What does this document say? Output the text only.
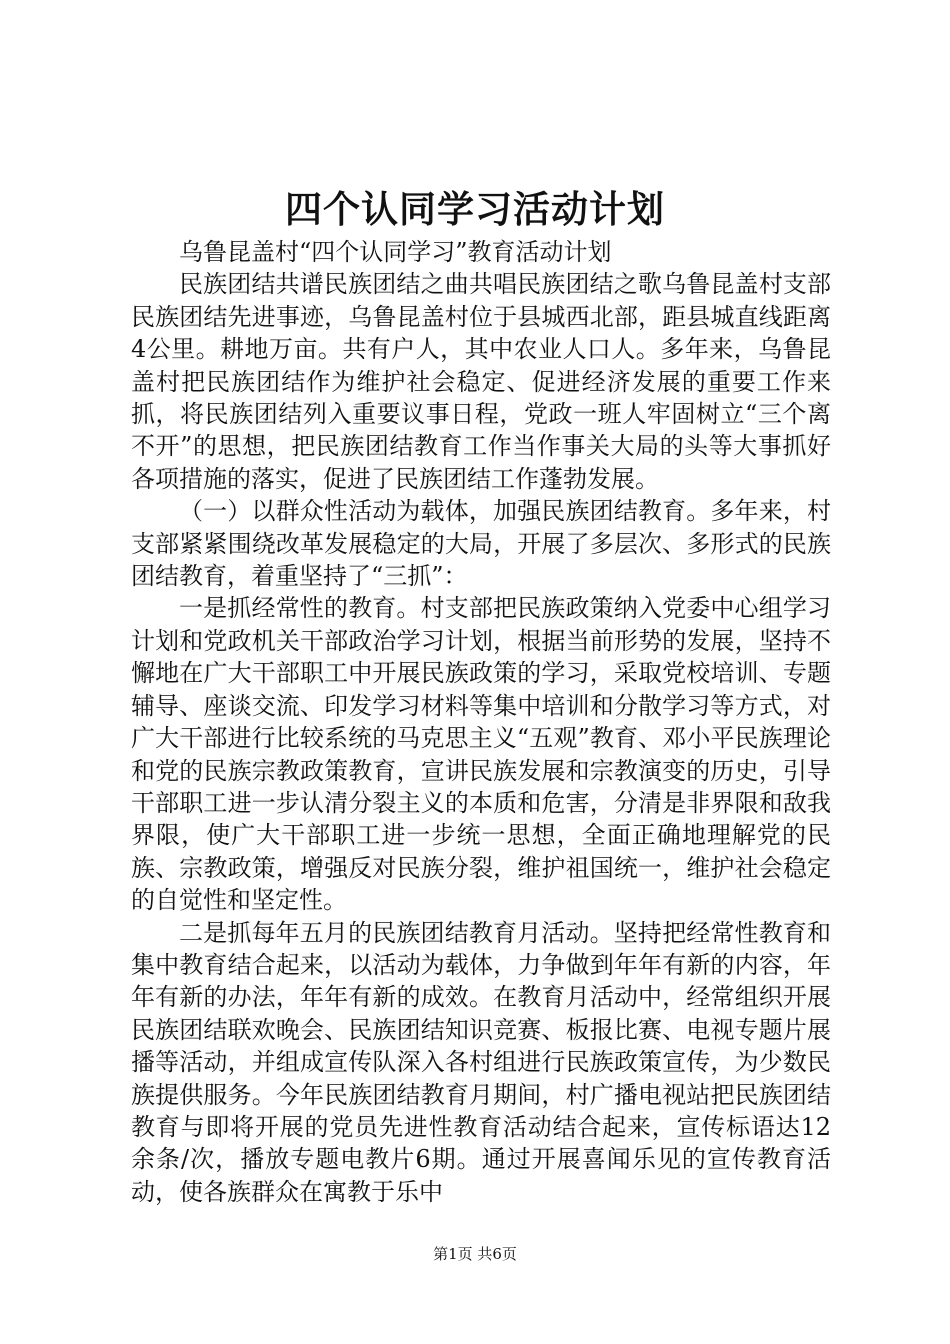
四个认同学习活动计划

乌鲁昆盖村“四个认同学习”教育活动计划

民族团结共谱民族团结之曲共唱民族团结之歌乌鲁昆盖村支部民族团结先进事迹，乌鲁昆盖村位于县城西北部，距县城直线距离4公里。耕地万亩。共有户人，其中农业人口人。多年来，乌鲁昆盖村把民族团结作为维护社会稳定、促进经济发展的重要工作来抓，将民族团结列入重要议事日程，党政一班人牢固树立“三个离不开”的思想，把民族团结教育工作当作事关大局的头等大事抓好各项措施的落实，促进了民族团结工作蓬勃发展。

（一）以群众性活动为载体，加强民族团结教育。多年来，村支部紧紧围绕改革发展稳定的大局，开展了多层次、多形式的民族团结教育，着重坚持了“三抓”：

一是抓经常性的教育。村支部把民族政策纳入党委中心组学习计划和党政机关干部政治学习计划，根据当前形势的发展，坚持不懈地在广大干部职工中开展民族政策的学习，采取党校培训、专题辅导、座谈交流、印发学习材料等集中培训和分散学习等方式，对广大干部进行比较系统的马克思主义“五观”教育、邓小平民族理论和党的民族宗教政策教育，宣讲民族发展和宗教演变的历史，引导干部职工进一步认清分裂主义的本质和危害，分清是非界限和敌我界限，使广大干部职工进一步统一思想，全面正确地理解党的民族、宗教政策，增强反对民族分裂，维护祖国统一，维护社会稳定的自觉性和坚定性。

二是抓每年五月的民族团结教育月活动。坚持把经常性教育和集中教育结合起来，以活动为载体，力争做到年年有新的内容，年年有新的办法，年年有新的成效。在教育月活动中，经常组织开展民族团结联欢晚会、民族团结知识竞赛、板报比赛、电视专题片展播等活动，并组成宣传队深入各村组进行民族政策宣传，为少数民族提供服务。今年民族团结教育月期间，村广播电视站把民族团结教育与即将开展的党员先进性教育活动结合起来，宣传标语达12余条/次，播放专题电教片6期。通过开展喜闻乐见的宣传教育活动，使各族群众在寓教于乐中

第1页 共6页
